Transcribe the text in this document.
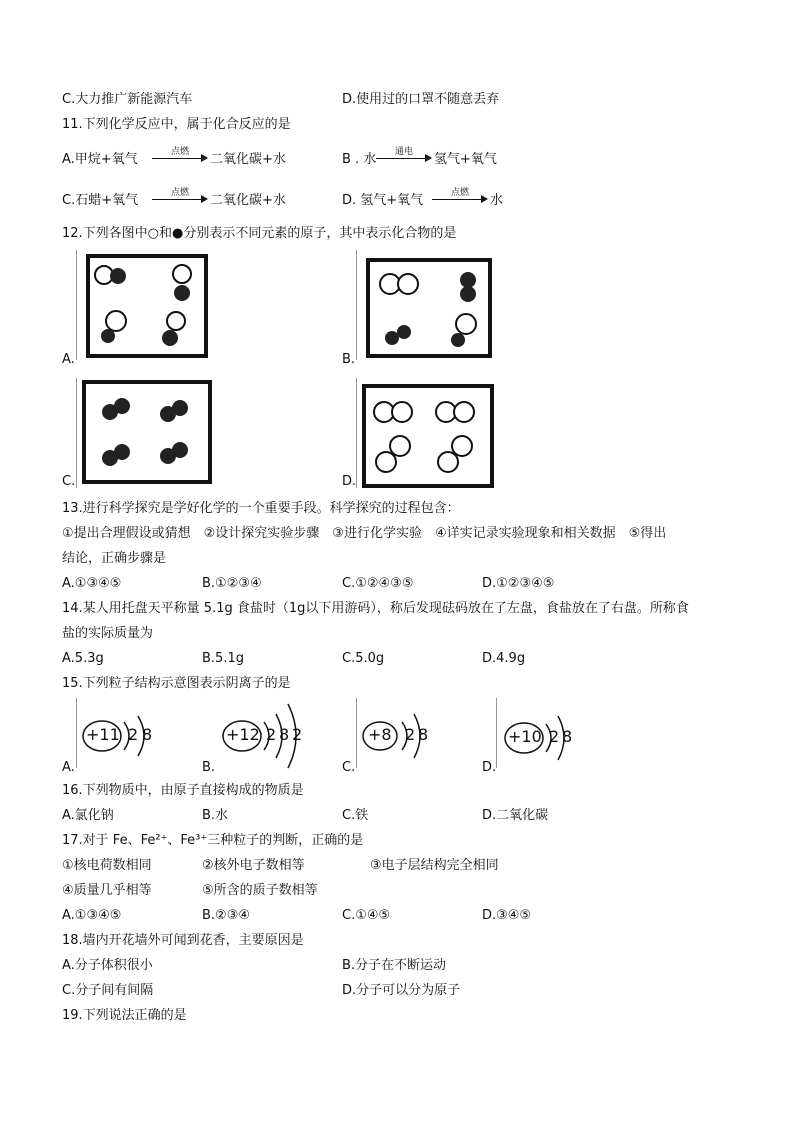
C.大力推广新能源汽车	D.使用过的口罩不随意丢弃
11.下列化学反应中，属于化合反应的是
A.甲烷+氧气	点燃	二氧化碳+水	B . 水	通电	氢气+氧气
C.石蜡+氧气	点燃	二氧化碳+水	D. 氢气+氧气	点燃	水
12.下列各图中○和●分别表示不同元素的原子，其中表示化合物的是
A.	B.
C.	D.
13.进行科学探究是学好化学的一个重要手段。科学探究的过程包含：
①提出合理假设或猜想　②设计探究实验步骤　③进行化学实验　④详实记录实验现象和相关数据　⑤得出
结论，正确步骤是
A.①③④⑤	B.①②③④	C.①②④③⑤	D.①②③④⑤
14.某人用托盘天平称量 5.1g 食盐时（1g以下用游码），称后发现砝码放在了左盘，食盐放在了右盘。所称食
盐的实际质量为
A.5.3g	B.5.1g	C.5.0g	D.4.9g
15.下列粒子结构示意图表示阴离子的是
+11 2 8
A.
+12 2 8 2
B.
+8 2 8
C.
+10 2 8
D.
16.下列物质中，由原子直接构成的物质是
A.氯化钠	B.水	C.铁	D.二氧化碳
17.对于 Fe、Fe²⁺、Fe³⁺三种粒子的判断，正确的是
①核电荷数相同	②核外电子数相等	③电子层结构完全相同
④质量几乎相等	⑤所含的质子数相等
A.①③④⑤	B.②③④	C.①④⑤	D.③④⑤
18.墙内开花墙外可闻到花香，主要原因是
A.分子体积很小	B.分子在不断运动
C.分子间有间隔	D.分子可以分为原子
19.下列说法正确的是
